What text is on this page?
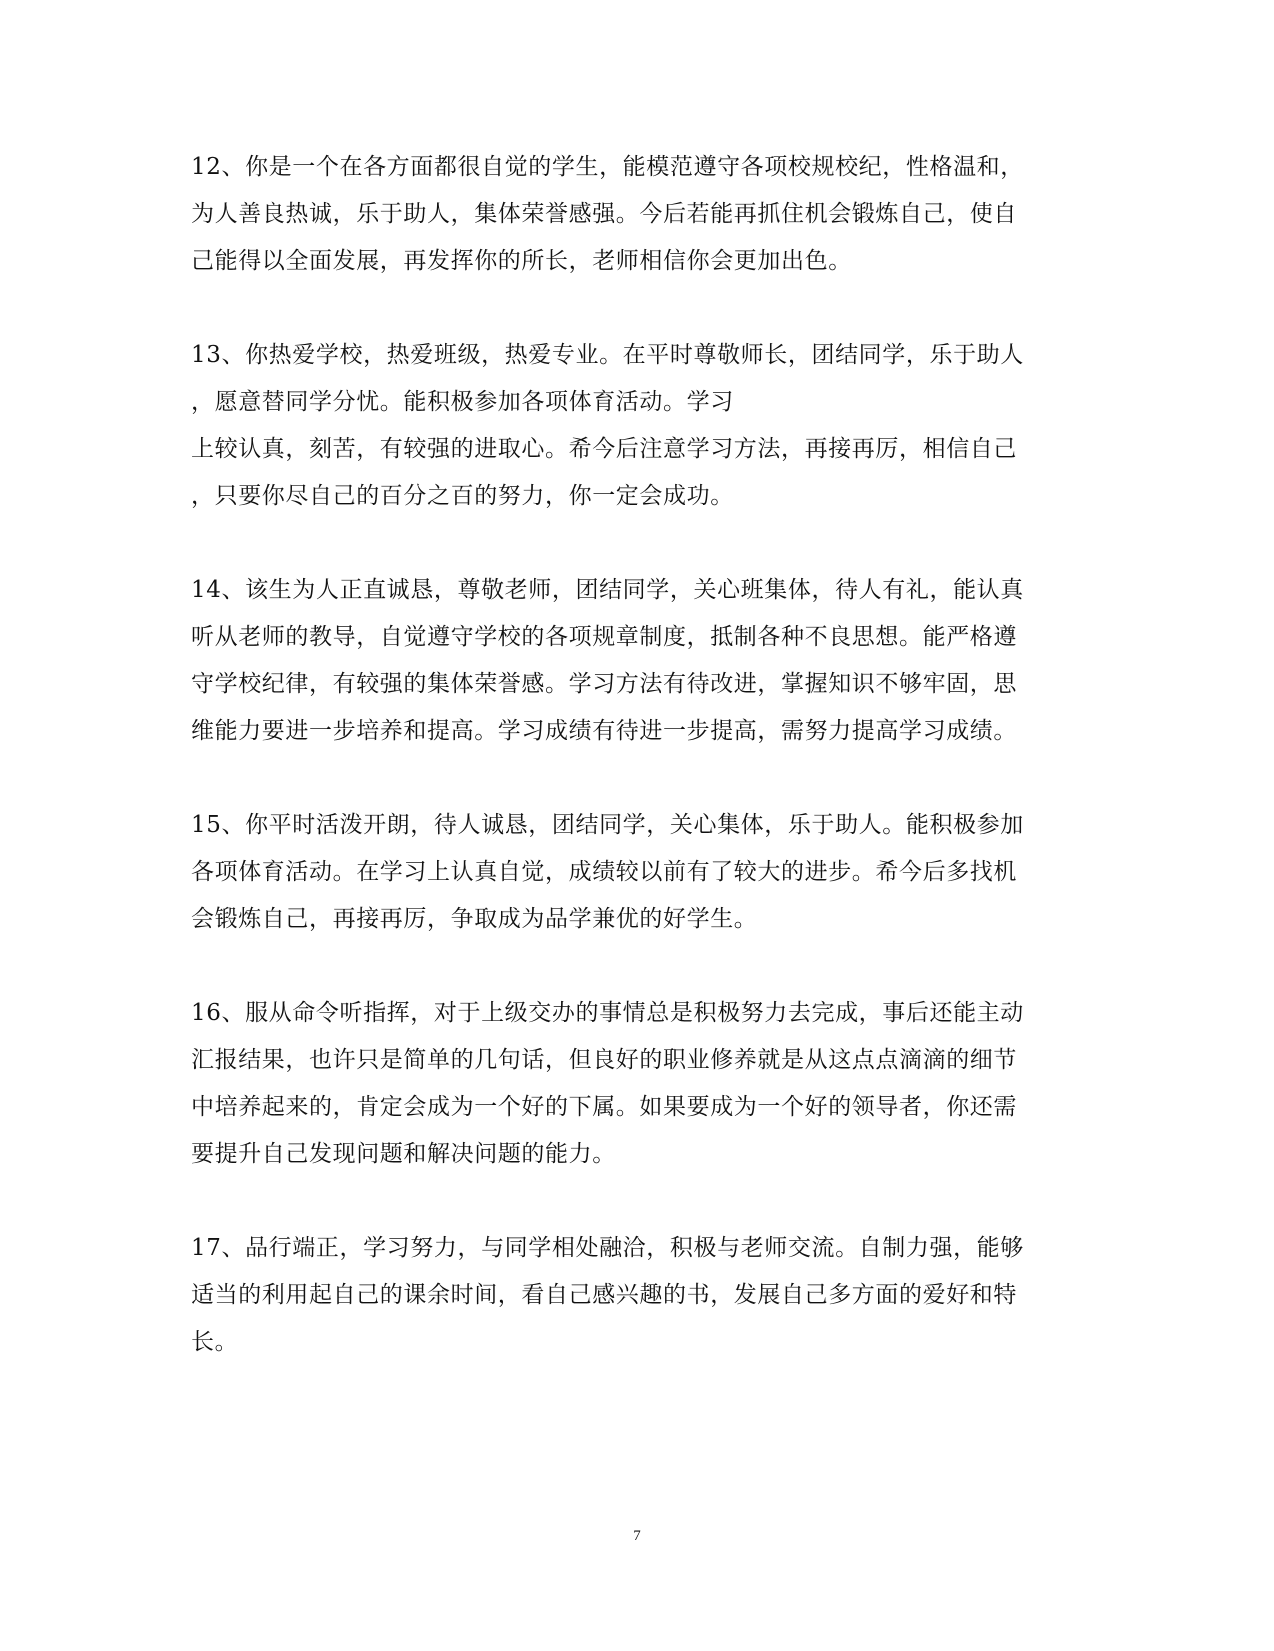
12、你是一个在各方面都很自觉的学生，能模范遵守各项校规校纪，性格温和，
为人善良热诚，乐于助人，集体荣誉感强。今后若能再抓住机会锻炼自己，使自
己能得以全面发展，再发挥你的所长，老师相信你会更加出色。
13、你热爱学校，热爱班级，热爱专业。在平时尊敬师长，团结同学，乐于助人
，愿意替同学分忧。能积极参加各项体育活动。学习
上较认真，刻苦，有较强的进取心。希今后注意学习方法，再接再厉，相信自己
，只要你尽自己的百分之百的努力，你一定会成功。
14、该生为人正直诚恳，尊敬老师，团结同学，关心班集体，待人有礼，能认真
听从老师的教导，自觉遵守学校的各项规章制度，抵制各种不良思想。能严格遵
守学校纪律，有较强的集体荣誉感。学习方法有待改进，掌握知识不够牢固，思
维能力要进一步培养和提高。学习成绩有待进一步提高，需努力提高学习成绩。
15、你平时活泼开朗，待人诚恳，团结同学，关心集体，乐于助人。能积极参加
各项体育活动。在学习上认真自觉，成绩较以前有了较大的进步。希今后多找机
会锻炼自己，再接再厉，争取成为品学兼优的好学生。
16、服从命令听指挥，对于上级交办的事情总是积极努力去完成，事后还能主动
汇报结果，也许只是简单的几句话，但良好的职业修养就是从这点点滴滴的细节
中培养起来的，肯定会成为一个好的下属。如果要成为一个好的领导者，你还需
要提升自己发现问题和解决问题的能力。
17、品行端正，学习努力，与同学相处融洽，积极与老师交流。自制力强，能够
适当的利用起自己的课余时间，看自己感兴趣的书，发展自己多方面的爱好和特
长。
7
